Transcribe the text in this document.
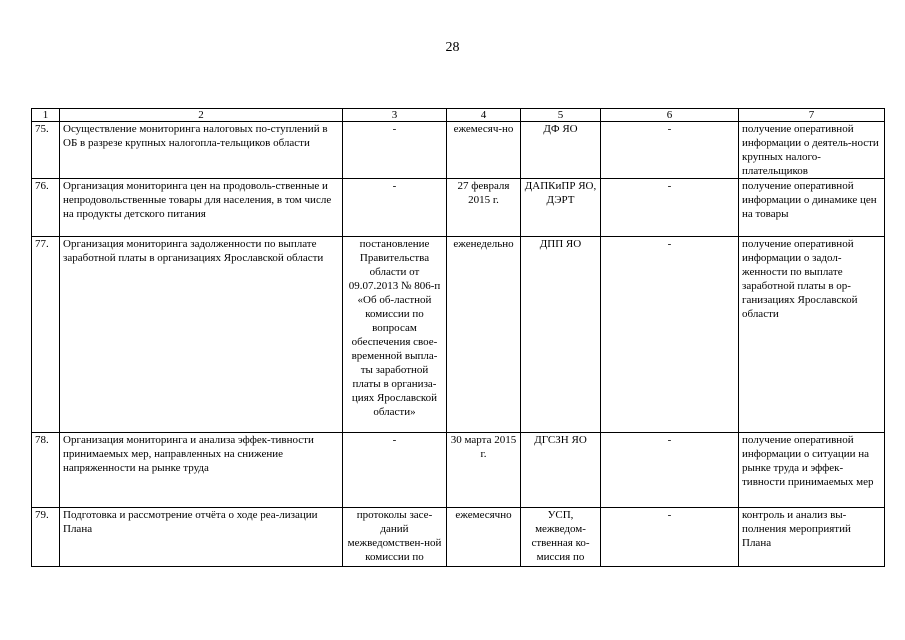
28
1	2	3	4	5	6	7
75.	Осуществление мониторинга налоговых по-ступлений в ОБ в разрезе крупных налогопла-тельщиков области	-	ежемесяч-но	ДФ ЯО	-	получение оперативной информации о деятель-ности крупных налого-плательщиков
76.	Организация мониторинга цен на продоволь-ственные и непродовольственные товары для населения, в том числе на продукты детского питания	-	27 февраля 2015 г.	ДАПКиПР ЯО, ДЭРТ	-	получение оперативной информации о динамике цен на товары
77.	Организация мониторинга задолженности по выплате заработной платы в организациях Ярославской области	постановление Правительства области от 09.07.2013 № 806-п «Об об-ластной комиссии по вопросам обеспечения свое-временной выпла-ты заработной платы в организа-циях Ярославской области»	еженедельно	ДПП ЯО	-	получение оперативной информации о задол-женности по выплате заработной платы в ор-ганизациях Ярославской области
78.	Организация мониторинга и анализа эффек-тивности принимаемых мер, направленных на снижение напряженности на рынке труда	-	30 марта 2015 г.	ДГСЗН ЯО	-	получение оперативной информации о ситуации на рынке труда и эффек-тивности принимаемых мер
79.	Подготовка и рассмотрение отчёта о ходе реа-лизации Плана	протоколы засе-даний межведомствен-ной комиссии по	ежемесячно	УСП, межведом-ственная ко-миссия по	-	контроль и анализ вы-полнения мероприятий Плана
